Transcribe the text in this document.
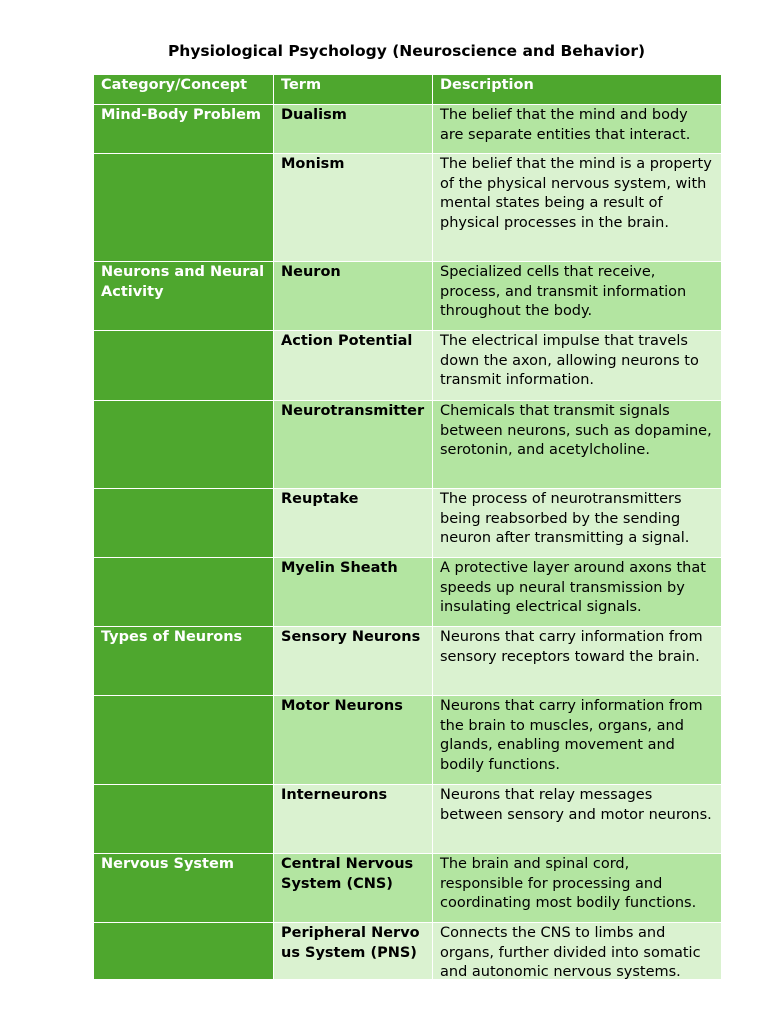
Physiological Psychology (Neuroscience and Behavior)
Category/Concept	Term	Description
Mind-Body Problem	Dualism	The belief that the mind and body are separate entities that interact.
	Monism	The belief that the mind is a property of the physical nervous system, with mental states being a result of physical processes in the brain.
Neurons and Neural Activity	Neuron	Specialized cells that receive, process, and transmit information throughout the body.
	Action Potential	The electrical impulse that travels down the axon, allowing neurons to transmit information.
	Neurotransmitter	Chemicals that transmit signals between neurons, such as dopamine, serotonin, and acetylcholine.
	Reuptake	The process of neurotransmitters being reabsorbed by the sending neuron after transmitting a signal.
	Myelin Sheath	A protective layer around axons that speeds up neural transmission by insulating electrical signals.
Types of Neurons	Sensory Neurons	Neurons that carry information from sensory receptors toward the brain.
	Motor Neurons	Neurons that carry information from the brain to muscles, organs, and glands, enabling movement and bodily functions.
	Interneurons	Neurons that relay messages between sensory and motor neurons.
Nervous System	Central Nervous System (CNS)	The brain and spinal cord, responsible for processing and coordinating most bodily functions.
	Peripheral Nervous System (PNS)	Connects the CNS to limbs and organs, further divided into somatic and autonomic nervous systems.
